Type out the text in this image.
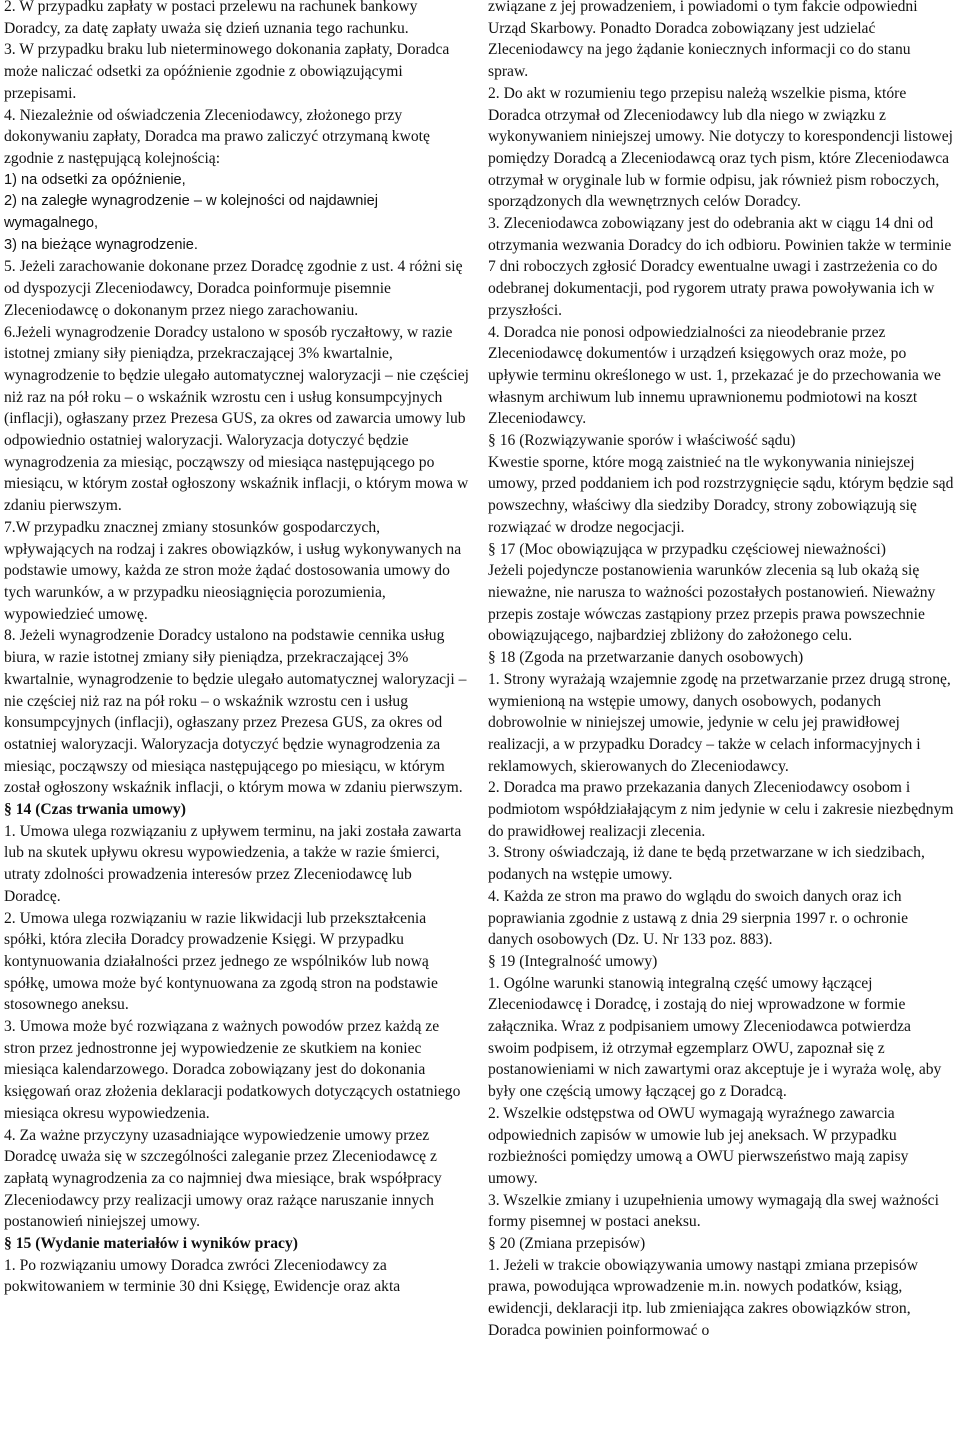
2. W przypadku zapłaty w postaci przelewu na rachunek bankowy Doradcy, za datę zapłaty uważa się dzień uznania tego rachunku.

3. W przypadku braku lub nieterminowego dokonania zapłaty, Doradca może naliczać odsetki za opóźnienie zgodnie z obowiązującymi przepisami.

4. Niezależnie od oświadczenia Zleceniodawcy, złożonego przy dokonywaniu zapłaty, Doradca ma prawo zaliczyć otrzymaną kwotę zgodnie z następującą kolejnością:

1) na odsetki za opóźnienie,

2) na zaległe wynagrodzenie – w kolejności od najdawniej wymagalnego,

3) na bieżące wynagrodzenie.

5. Jeżeli zarachowanie dokonane przez Doradcę zgodnie z ust. 4 różni się od dyspozycji Zleceniodawcy, Doradca poinformuje pisemnie Zleceniodawcę o dokonanym przez niego zarachowaniu.

6.Jeżeli wynagrodzenie Doradcy ustalono w sposób ryczałtowy, w razie istotnej zmiany siły pieniądza, przekraczającej 3% kwartalnie, wynagrodzenie to będzie ulegało automatycznej waloryzacji – nie częściej niż raz na pół roku – o wskaźnik wzrostu cen i usług konsumpcyjnych (inflacji), ogłaszany przez Prezesa GUS, za okres od zawarcia umowy lub odpowiednio ostatniej waloryzacji. Waloryzacja dotyczyć będzie wynagrodzenia za miesiąc, począwszy od miesiąca następującego po miesiącu, w którym został ogłoszony wskaźnik inflacji, o którym mowa w zdaniu pierwszym.

7.W przypadku znacznej zmiany stosunków gospodarczych, wpływających na rodzaj i zakres obowiązków, i usług wykonywanych na podstawie umowy, każda ze stron może żądać dostosowania umowy do tych warunków, a w przypadku nieosiągnięcia porozumienia, wypowiedzieć umowę.

8. Jeżeli wynagrodzenie Doradcy ustalono na podstawie cennika usług biura, w razie istotnej zmiany siły pieniądza, przekraczającej 3% kwartalnie, wynagrodzenie to będzie ulegało automatycznej waloryzacji – nie częściej niż raz na pół roku – o wskaźnik wzrostu cen i usług konsumpcyjnych (inflacji), ogłaszany przez Prezesa GUS, za okres od ostatniej waloryzacji. Waloryzacja dotyczyć będzie wynagrodzenia za miesiąc, począwszy od miesiąca następującego po miesiącu, w którym został ogłoszony wskaźnik inflacji, o którym mowa w zdaniu pierwszym.

§ 14 (Czas trwania umowy)

1. Umowa ulega rozwiązaniu z upływem terminu, na jaki została zawarta lub na skutek upływu okresu wypowiedzenia, a także w razie śmierci, utraty zdolności prowadzenia interesów przez Zleceniodawcę lub Doradcę.

2. Umowa ulega rozwiązaniu w razie likwidacji lub przekształcenia spółki, która zleciła Doradcy prowadzenie Księgi. W przypadku kontynuowania działalności przez jednego ze wspólników lub nową spółkę, umowa może być kontynuowana za zgodą stron na podstawie stosownego aneksu.

3. Umowa może być rozwiązana z ważnych powodów przez każdą ze stron przez jednostronne jej wypowiedzenie ze skutkiem na koniec miesiąca kalendarzowego. Doradca zobowiązany jest do dokonania księgowań oraz złożenia deklaracji podatkowych dotyczących ostatniego miesiąca okresu wypowiedzenia.

4. Za ważne przyczyny uzasadniające wypowiedzenie umowy przez Doradcę uważa się w szczególności zaleganie przez Zleceniodawcę z zapłatą wynagrodzenia za co najmniej dwa miesiące, brak współpracy Zleceniodawcy przy realizacji umowy oraz rażące naruszanie innych postanowień niniejszej umowy.

§ 15 (Wydanie materiałów i wyników pracy)

1. Po rozwiązaniu umowy Doradca zwróci Zleceniodawcy za pokwitowaniem w terminie 30 dni Księgę, Ewidencje oraz akta

związane z jej prowadzeniem, i powiadomi o tym fakcie odpowiedni Urząd Skarbowy. Ponadto Doradca zobowiązany jest udzielać Zleceniodawcy na jego żądanie koniecznych informacji co do stanu spraw.

2. Do akt w rozumieniu tego przepisu należą wszelkie pisma, które Doradca otrzymał od Zleceniodawcy lub dla niego w związku z wykonywaniem niniejszej umowy. Nie dotyczy to korespondencji listowej pomiędzy Doradcą a Zleceniodawcą oraz tych pism, które Zleceniodawca otrzymał w oryginale lub w formie odpisu, jak również pism roboczych, sporządzonych dla wewnętrznych celów Doradcy.

3. Zleceniodawca zobowiązany jest do odebrania akt w ciągu 14 dni od otrzymania wezwania Doradcy do ich odbioru. Powinien także w terminie 7 dni roboczych zgłosić Doradcy ewentualne uwagi i zastrzeżenia co do odebranej dokumentacji, pod rygorem utraty prawa powoływania ich w przyszłości.

4. Doradca nie ponosi odpowiedzialności za nieodebranie przez Zleceniodawcę dokumentów i urządzeń księgowych oraz może, po upływie terminu określonego w ust. 1, przekazać je do przechowania we własnym archiwum lub innemu uprawnionemu podmiotowi na koszt Zleceniodawcy.

§ 16 (Rozwiązywanie sporów i właściwość sądu)

Kwestie sporne, które mogą zaistnieć na tle wykonywania niniejszej umowy, przed poddaniem ich pod rozstrzygnięcie sądu, którym będzie sąd powszechny, właściwy dla siedziby Doradcy, strony zobowiązują się rozwiązać w drodze negocjacji.

§ 17 (Moc obowiązująca w przypadku częściowej nieważności)

Jeżeli pojedyncze postanowienia warunków zlecenia są lub okażą się nieważne, nie narusza to ważności pozostałych postanowień. Nieważny przepis zostaje wówczas zastąpiony przez przepis prawa powszechnie obowiązującego, najbardziej zbliżony do założonego celu.

§ 18 (Zgoda na przetwarzanie danych osobowych)

1. Strony wyrażają wzajemnie zgodę na przetwarzanie przez drugą stronę, wymienioną na wstępie umowy, danych osobowych, podanych dobrowolnie w niniejszej umowie, jedynie w celu jej prawidłowej realizacji, a w przypadku Doradcy – także w celach informacyjnych i reklamowych, skierowanych do Zleceniodawcy.

2. Doradca ma prawo przekazania danych Zleceniodawcy osobom i podmiotom współdziałającym z nim jedynie w celu i zakresie niezbędnym do prawidłowej realizacji zlecenia.

3. Strony oświadczają, iż dane te będą przetwarzane w ich siedzibach, podanych na wstępie umowy.

4. Każda ze stron ma prawo do wglądu do swoich danych oraz ich poprawiania zgodnie z ustawą z dnia 29 sierpnia 1997 r. o ochronie danych osobowych (Dz. U. Nr 133 poz. 883).

§ 19 (Integralność umowy)

1. Ogólne warunki stanowią integralną część umowy łączącej Zleceniodawcę i Doradcę, i zostają do niej wprowadzone w formie załącznika. Wraz z podpisaniem umowy Zleceniodawca potwierdza swoim podpisem, iż otrzymał egzemplarz OWU, zapoznał się z postanowieniami w nich zawartymi oraz akceptuje je i wyraża wolę, aby były one częścią umowy łączącej go z Doradcą.

2. Wszelkie odstępstwa od OWU wymagają wyraźnego zawarcia odpowiednich zapisów w umowie lub jej aneksach. W przypadku rozbieżności pomiędzy umową a OWU pierwszeństwo mają zapisy umowy.

3. Wszelkie zmiany i uzupełnienia umowy wymagają dla swej ważności formy pisemnej w postaci aneksu.

§ 20 (Zmiana przepisów)

1. Jeżeli w trakcie obowiązywania umowy nastąpi zmiana przepisów prawa, powodująca wprowadzenie m.in. nowych podatków, ksiąg, ewidencji, deklaracji itp. lub zmieniająca zakres obowiązków stron, Doradca powinien poinformować o
